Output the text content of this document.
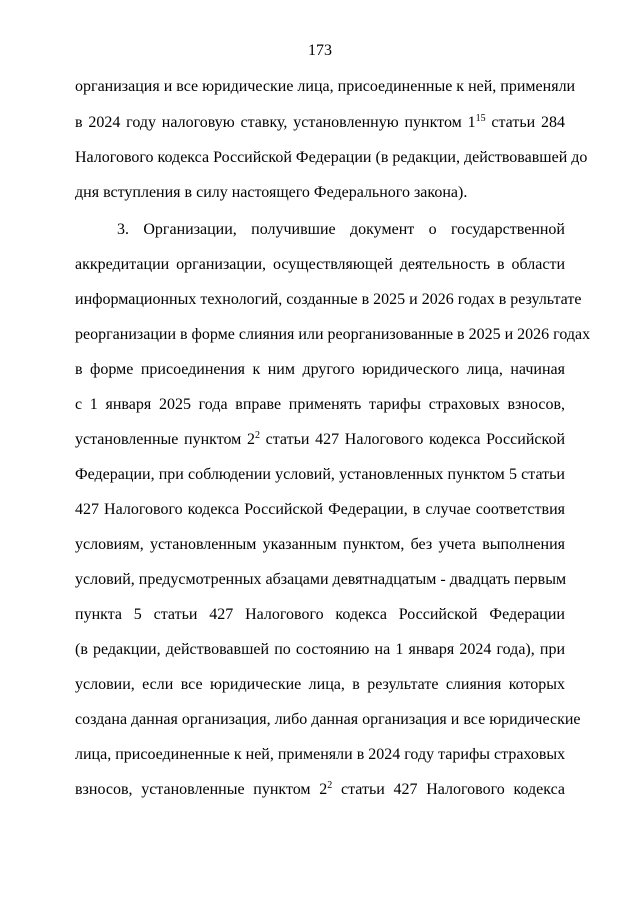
173
организация и все юридические лица, присоединенные к ней, применяли
в 2024 году налоговую ставку, установленную пунктом $1^{15}$ статьи 284
Налогового кодекса Российской Федерации (в редакции, действовавшей до
дня вступления в силу настоящего Федерального закона).
3. Организации, получившие документ о государственной
аккредитации организации, осуществляющей деятельность в области
информационных технологий, созданные в 2025 и 2026 годах в результате
реорганизации в форме слияния или реорганизованные в 2025 и 2026 годах
в форме присоединения к ним другого юридического лица, начиная
с 1 января 2025 года вправе применять тарифы страховых взносов,
установленные пунктом $2^2$ статьи 427 Налогового кодекса Российской
Федерации, при соблюдении условий, установленных пунктом 5 статьи
427 Налогового кодекса Российской Федерации, в случае соответствия
условиям, установленным указанным пунктом, без учета выполнения
условий, предусмотренных абзацами девятнадцатым - двадцать первым
пункта 5 статьи 427 Налогового кодекса Российской Федерации
(в редакции, действовавшей по состоянию на 1 января 2024 года), при
условии, если все юридические лица, в результате слияния которых
создана данная организация, либо данная организация и все юридические
лица, присоединенные к ней, применяли в 2024 году тарифы страховых
взносов, установленные пунктом $2^2$ статьи 427 Налогового кодекса
